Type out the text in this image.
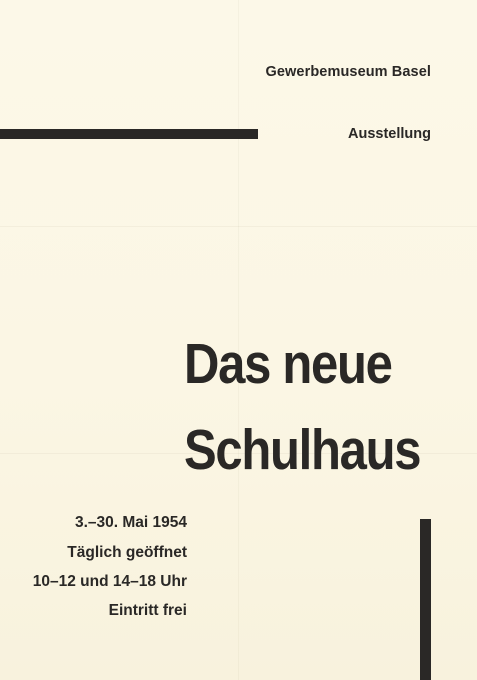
Gewerbemuseum Basel
Ausstellung
Das neue
Schulhaus
3.–30. Mai 1954
Täglich geöffnet
10–12 und 14–18 Uhr
Eintritt frei
